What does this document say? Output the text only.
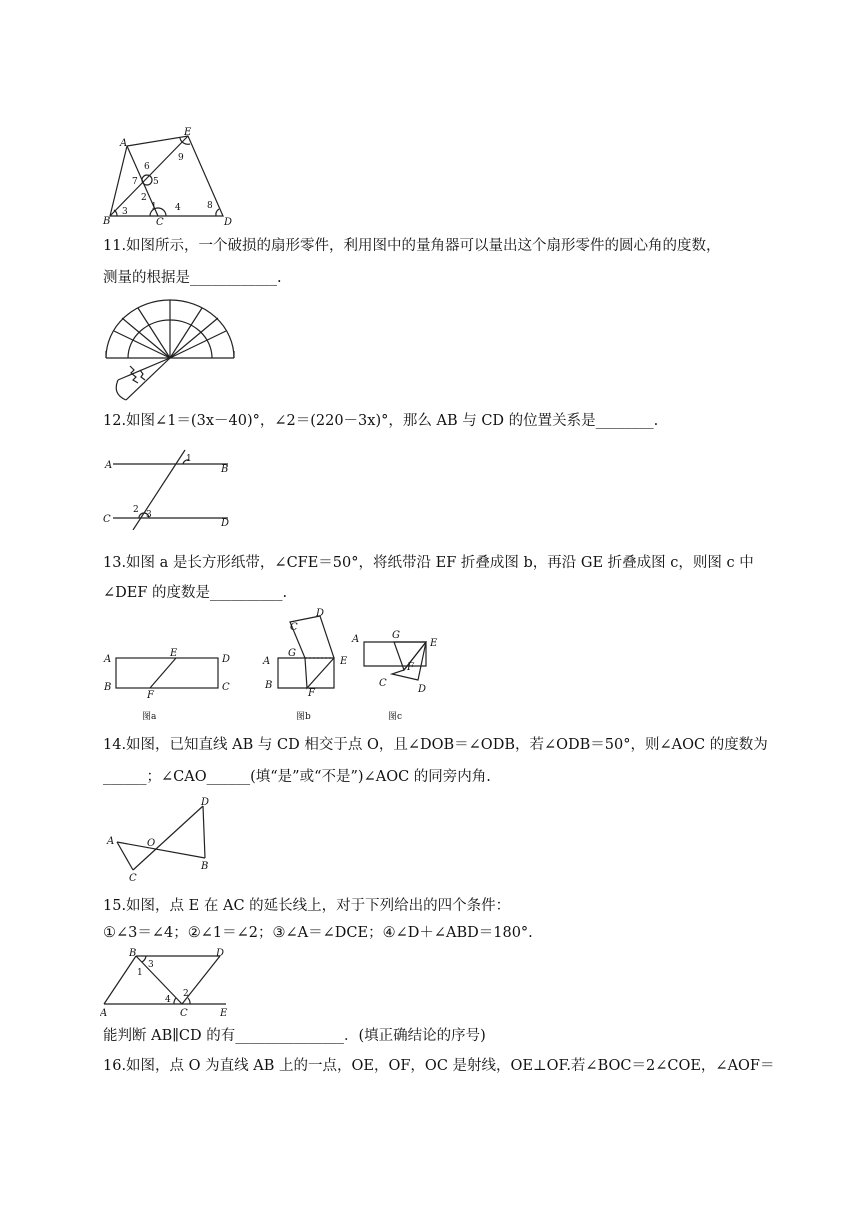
A
E
6
9
7 5
2
1 4	8
3
B	C	D
11.如图所示，一个破损的扇形零件，利用图中的量角器可以量出这个扇形零件的圆心角的度数，
测量的根据是____________.
12.如图∠1＝(3x－40)°，∠2＝(220－3x)°，那么 AB 与 CD 的位置关系是________.
A
1
B
C
2 3
D
13.如图 a 是长方形纸带，∠CFE＝50°，将纸带沿 EF 折叠成图 b，再沿 GE 折叠成图 c，则图 c 中
∠DEF 的度数是__________.
A
E
D
B
F
C
图a
C
D
A
G
E
B
F
图b
A	G
E
F
C
D
图c
14.如图，已知直线 AB 与 CD 相交于点 O，且∠DOB＝∠ODB，若∠ODB＝50°，则∠AOC 的度数为
______；∠CAO______(填“是”或“不是”)∠AOC 的同旁内角.
D
A	O
B
C
15.如图，点 E 在 AC 的延长线上，对于下列给出的四个条件：
①∠3＝∠4；②∠1＝∠2；③∠A＝∠DCE；④∠D＋∠ABD＝180°.
B
3
D
1
2
4
A	C	E
能判断 AB∥CD 的有_______________．(填正确结论的序号)
16.如图，点 O 为直线 AB 上的一点，OE，OF，OC 是射线，OE⊥OF.若∠BOC＝2∠COE，∠AOF＝
